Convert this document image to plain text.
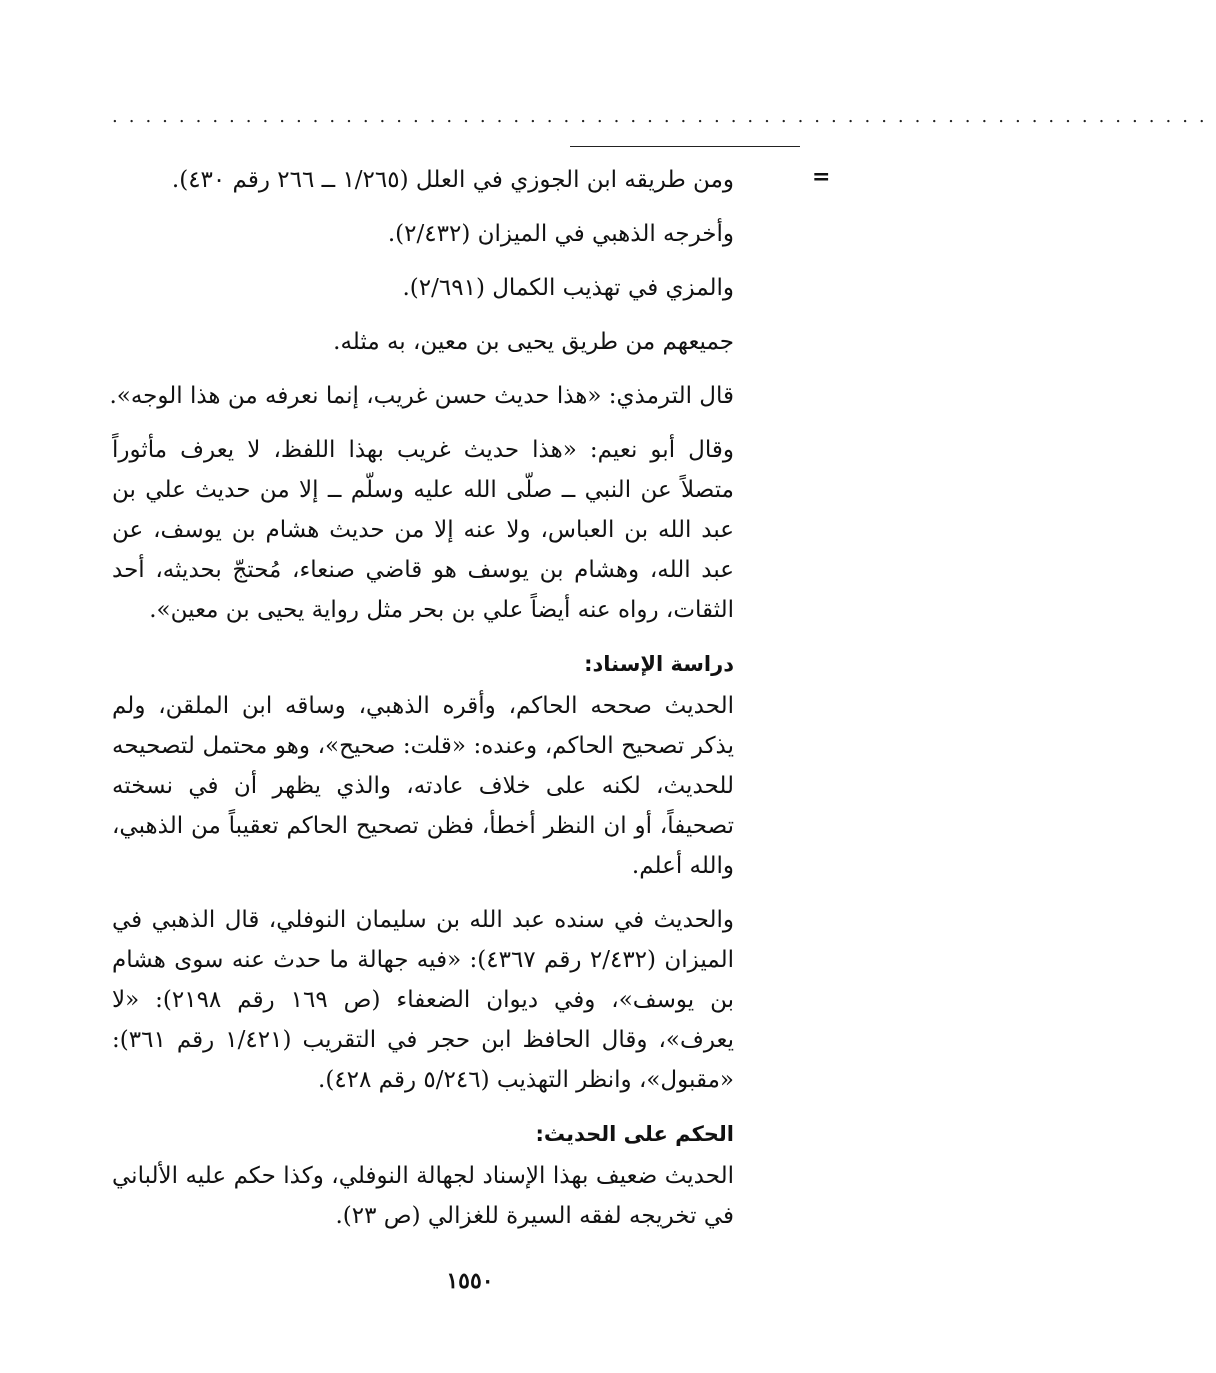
..................................................................
=

ومن طريقه ابن الجوزي في العلل (١/٢٦٥ ــ ٢٦٦ رقم ٤٣٠).

وأخرجه الذهبي في الميزان (٢/٤٣٢).

والمزي في تهذيب الكمال (٢/٦٩١).

جميعهم من طريق يحيى بن معين، به مثله.

قال الترمذي: «هذا حديث حسن غريب، إنما نعرفه من هذا الوجه».

وقال أبو نعيم: «هذا حديث غريب بهذا اللفظ، لا يعرف مأثوراً متصلاً عن النبي ــ صلّى الله عليه وسلّم ــ إلا من حديث علي بن عبد الله بن العباس، ولا عنه إلا من حديث هشام بن يوسف، عن عبد الله، وهشام بن يوسف هو قاضي صنعاء، مُحتجّ بحديثه، أحد الثقات، رواه عنه أيضاً علي بن بحر مثل رواية يحيى بن معين».

دراسة الإسناد:

الحديث صححه الحاكم، وأقره الذهبي، وساقه ابن الملقن، ولم يذكر تصحيح الحاكم، وعنده: «قلت: صحيح»، وهو محتمل لتصحيحه للحديث، لكنه على خلاف عادته، والذي يظهر أن في نسخته تصحيفاً، أو ان النظر أخطأ، فظن تصحيح الحاكم تعقيباً من الذهبي، والله أعلم.

والحديث في سنده عبد الله بن سليمان النوفلي، قال الذهبي في الميزان (٢/٤٣٢ رقم ٤٣٦٧): «فيه جهالة ما حدث عنه سوى هشام بن يوسف»، وفي ديوان الضعفاء (ص ١٦٩ رقم ٢١٩٨): «لا يعرف»، وقال الحافظ ابن حجر في التقريب (١/٤٢١ رقم ٣٦١): «مقبول»، وانظر التهذيب (٥/٢٤٦ رقم ٤٢٨).

الحكم على الحديث:

الحديث ضعيف بهذا الإسناد لجهالة النوفلي، وكذا حكم عليه الألباني في تخريجه لفقه السيرة للغزالي (ص ٢٣).

١٥٥٠
